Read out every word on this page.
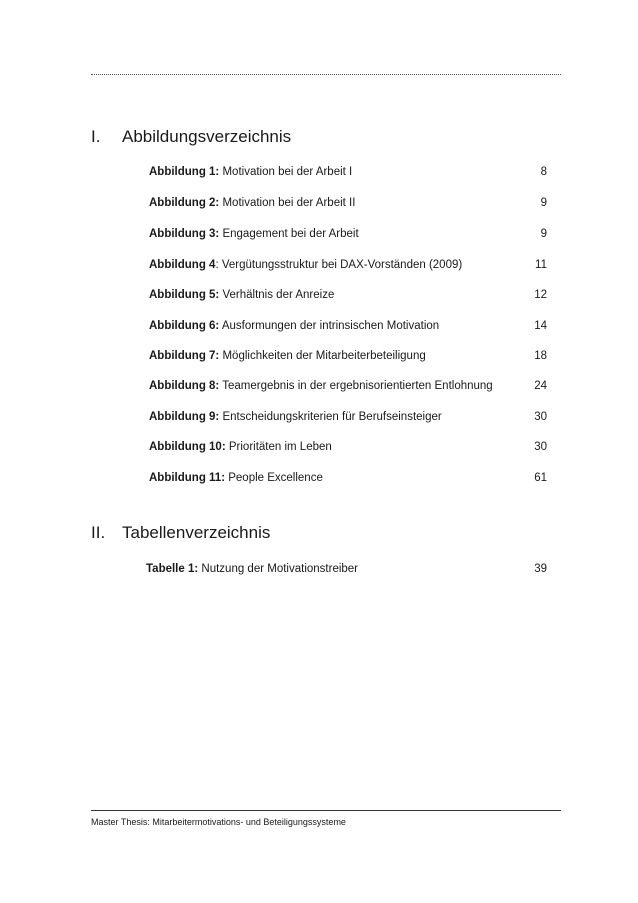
I. Abbildungsverzeichnis
Abbildung 1: Motivation bei der Arbeit I	8
Abbildung 2: Motivation bei der Arbeit II	9
Abbildung 3: Engagement bei der Arbeit	9
Abbildung 4: Vergütungsstruktur bei DAX-Vorständen (2009)	11
Abbildung 5: Verhältnis der Anreize	12
Abbildung 6: Ausformungen der intrinsischen Motivation	14
Abbildung 7: Möglichkeiten der Mitarbeiterbeteiligung	18
Abbildung 8: Teamergebnis in der ergebnisorientierten Entlohnung	24
Abbildung 9: Entscheidungskriterien für Berufseinsteiger	30
Abbildung 10: Prioritäten im Leben	30
Abbildung 11: People Excellence	61
II. Tabellenverzeichnis
Tabelle 1: Nutzung der Motivationstreiber	39
Master Thesis: Mitarbeitermotivations- und Beteiligungssysteme
